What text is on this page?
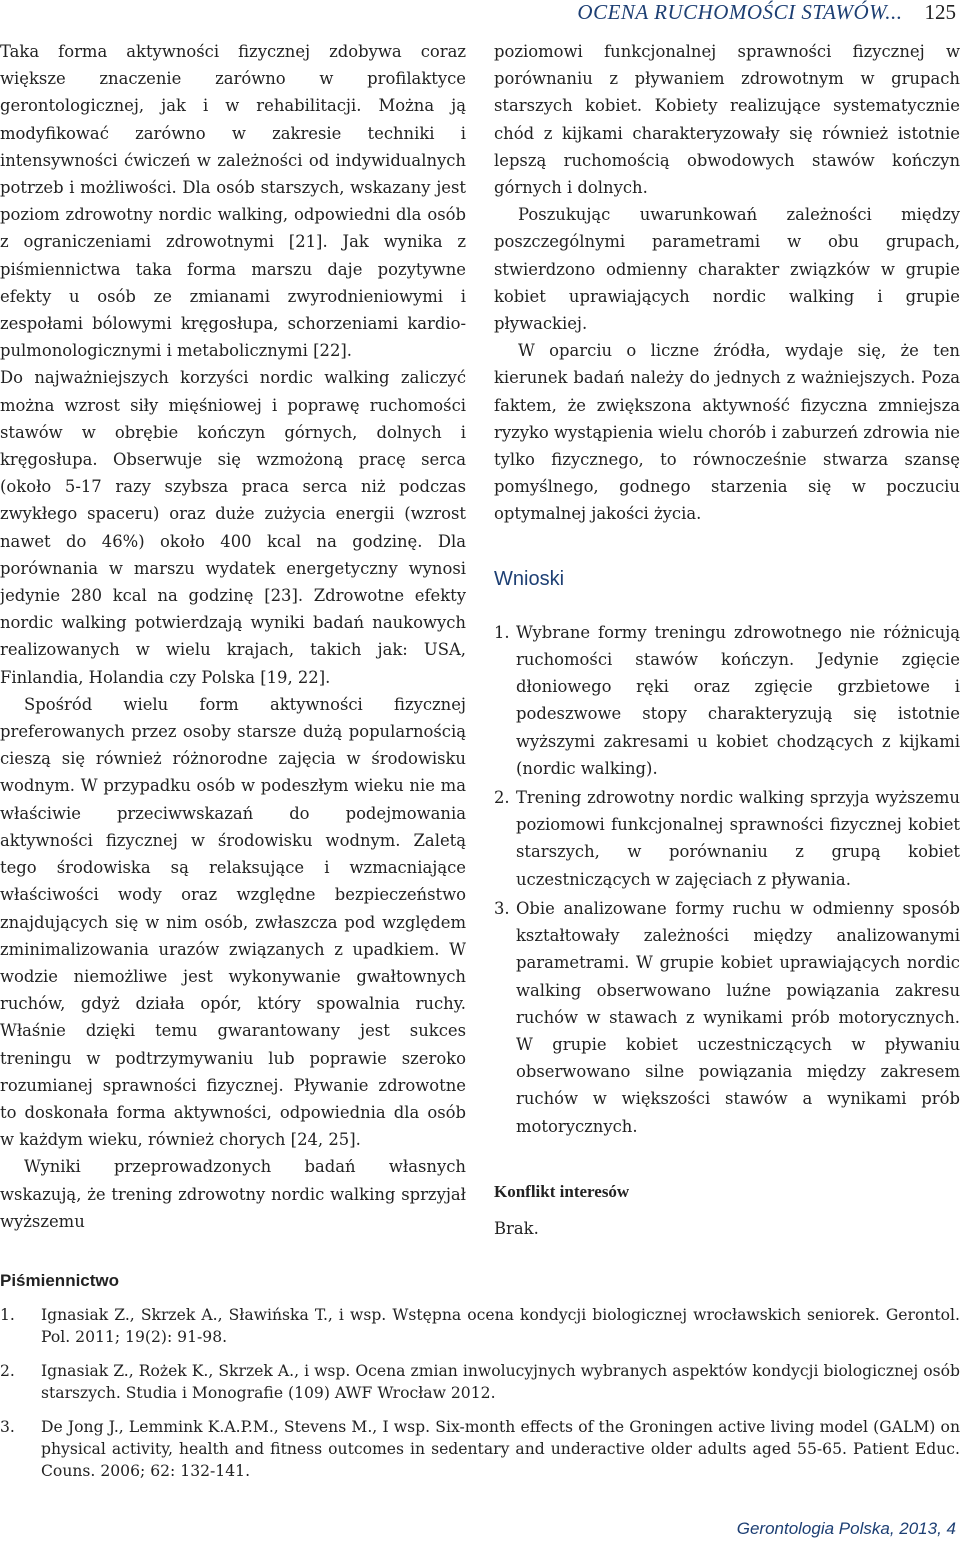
OCENA RUCHOMOŚCI STAWÓW... 125

Taka forma aktywności fizycznej zdobywa coraz większe znaczenie zarówno w profilaktyce gerontologicznej, jak i w rehabilitacji. Można ją modyfikować zarówno w zakresie techniki i intensywności ćwiczeń w zależności od indywidualnych potrzeb i możliwości. Dla osób starszych, wskazany jest poziom zdrowotny nordic walking, odpowiedni dla osób z ograniczeniami zdrowotnymi [21]. Jak wynika z piśmiennictwa taka forma marszu daje pozytywne efekty u osób ze zmianami zwyrodnieniowymi i zespołami bólowymi kręgosłupa, schorzeniami kardio-pulmonologicznymi i metabolicznymi [22].

Do najważniejszych korzyści nordic walking zaliczyć można wzrost siły mięśniowej i poprawę ruchomości stawów w obrębie kończyn górnych, dolnych i kręgosłupa. Obserwuje się wzmożoną pracę serca (około 5-17 razy szybsza praca serca niż podczas zwykłego spaceru) oraz duże zużycia energii (wzrost nawet do 46%) około 400 kcal na godzinę. Dla porównania w marszu wydatek energetyczny wynosi jedynie 280 kcal na godzinę [23]. Zdrowotne efekty nordic walking potwierdzają wyniki badań naukowych realizowanych w wielu krajach, takich jak: USA, Finlandia, Holandia czy Polska [19, 22].

Spośród wielu form aktywności fizycznej preferowanych przez osoby starsze dużą popularnością cieszą się również różnorodne zajęcia w środowisku wodnym. W przypadku osób w podeszłym wieku nie ma właściwie przeciwwskazań do podejmowania aktywności fizycznej w środowisku wodnym. Zaletą tego środowiska są relaksujące i wzmacniające właściwości wody oraz względne bezpieczeństwo znajdujących się w nim osób, zwłaszcza pod względem zminimalizowania urazów związanych z upadkiem. W wodzie niemożliwe jest wykonywanie gwałtownych ruchów, gdyż działa opór, który spowalnia ruchy. Właśnie dzięki temu gwarantowany jest sukces treningu w podtrzymywaniu lub poprawie szeroko rozumianej sprawności fizycznej. Pływanie zdrowotne to doskonała forma aktywności, odpowiednia dla osób w każdym wieku, również chorych [24, 25].

Wyniki przeprowadzonych badań własnych wskazują, że trening zdrowotny nordic walking sprzyjał wyższemu

poziomowi funkcjonalnej sprawności fizycznej w porównaniu z pływaniem zdrowotnym w grupach starszych kobiet. Kobiety realizujące systematycznie chód z kijkami charakteryzowały się również istotnie lepszą ruchomością obwodowych stawów kończyn górnych i dolnych.

Poszukując uwarunkowań zależności między poszczególnymi parametrami w obu grupach, stwierdzono odmienny charakter związków w grupie kobiet uprawiających nordic walking i grupie pływackiej.

W oparciu o liczne źródła, wydaje się, że ten kierunek badań należy do jednych z ważniejszych. Poza faktem, że zwiększona aktywność fizyczna zmniejsza ryzyko wystąpienia wielu chorób i zaburzeń zdrowia nie tylko fizycznego, to równocześnie stwarza szansę pomyślnego, godnego starzenia się w poczuciu optymalnej jakości życia.

Wnioski
1. Wybrane formy treningu zdrowotnego nie różnicują ruchomości stawów kończyn. Jedynie zgięcie dłoniowego ręki oraz zgięcie grzbietowe i podeszwowe stopy charakteryzują się istotnie wyższymi zakresami u kobiet chodzących z kijkami (nordic walking).
2. Trening zdrowotny nordic walking sprzyja wyższemu poziomowi funkcjonalnej sprawności fizycznej kobiet starszych, w porównaniu z grupą kobiet uczestniczących w zajęciach z pływania.
3. Obie analizowane formy ruchu w odmienny sposób kształtowały zależności między analizowanymi parametrami. W grupie kobiet uprawiających nordic walking obserwowano luźne powiązania zakresu ruchów w stawach z wynikami prób motorycznych. W grupie kobiet uczestniczących w pływaniu obserwowano silne powiązania między zakresem ruchów w większości stawów a wynikami prób motorycznych.
Konflikt interesów

Brak.

Piśmiennictwo
1. Ignasiak Z., Skrzek A., Sławińska T., i wsp. Wstępna ocena kondycji biologicznej wrocławskich seniorek. Gerontol. Pol. 2011; 19(2): 91-98.
2. Ignasiak Z., Rożek K., Skrzek A., i wsp. Ocena zmian inwolucyjnych wybranych aspektów kondycji biologicznej osób starszych. Studia i Monografie (109) AWF Wrocław 2012.
3. De Jong J., Lemmink K.A.P.M., Stevens M., I wsp. Six-month effects of the Groningen active living model (GALM) on physical activity, health and fitness outcomes in sedentary and underactive older adults aged 55-65. Patient Educ. Couns. 2006; 62: 132-141.
Gerontologia Polska, 2013, 4
